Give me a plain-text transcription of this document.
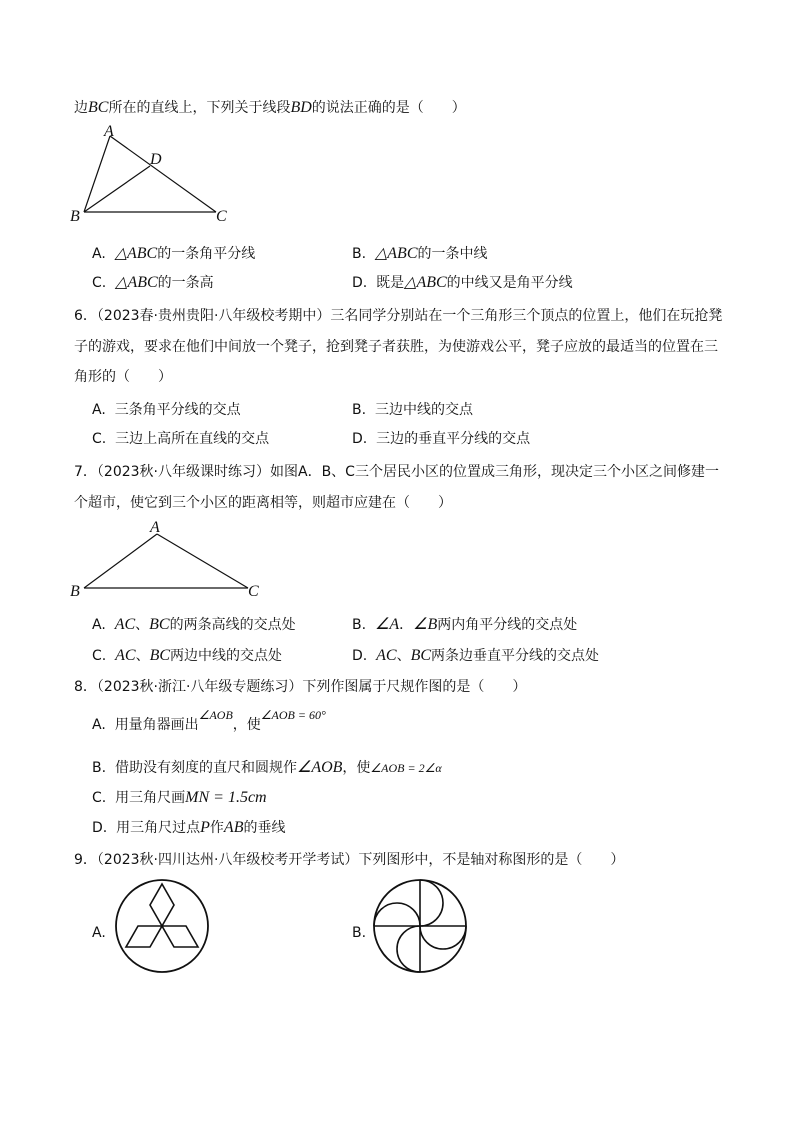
边BC所在的直线上，下列关于线段BD的说法正确的是（　　）
A
B	C
D
A. △ABC的一条角平分线	B. △ABC的一条中线
C. △ABC的一条高	D. 既是△ABC的中线又是角平分线
6．（2023春·贵州贵阳·八年级校考期中）三名同学分别站在一个三角形三个顶点的位置上，他们在玩抢凳
子的游戏，要求在他们中间放一个凳子，抢到凳子者获胜，为使游戏公平，凳子应放的最适当的位置在三
角形的（　　）
A. 三条角平分线的交点	B. 三边中线的交点
C. 三边上高所在直线的交点	D. 三边的垂直平分线的交点
7．（2023秋·八年级课时练习）如图A．B、C三个居民小区的位置成三角形，现决定三个小区之间修建一
个超市，使它到三个小区的距离相等，则超市应建在（　　）
A
B	C
A. AC、BC的两条高线的交点处	B. ∠A．∠B两内角平分线的交点处
C. AC、BC两边中线的交点处	D. AC、BC两条边垂直平分线的交点处
8．（2023秋·浙江·八年级专题练习）下列作图属于尺规作图的是（　　）
A. 用量角器画出∠AOB，使∠AOB = 60°
B. 借助没有刻度的直尺和圆规作∠AOB，使∠AOB = 2∠α
C. 用三角尺画MN = 1.5cm
D. 用三角尺过点P作AB的垂线
9．（2023秋·四川达州·八年级校考开学考试）下列图形中，不是轴对称图形的是（　　）
A.	B.
